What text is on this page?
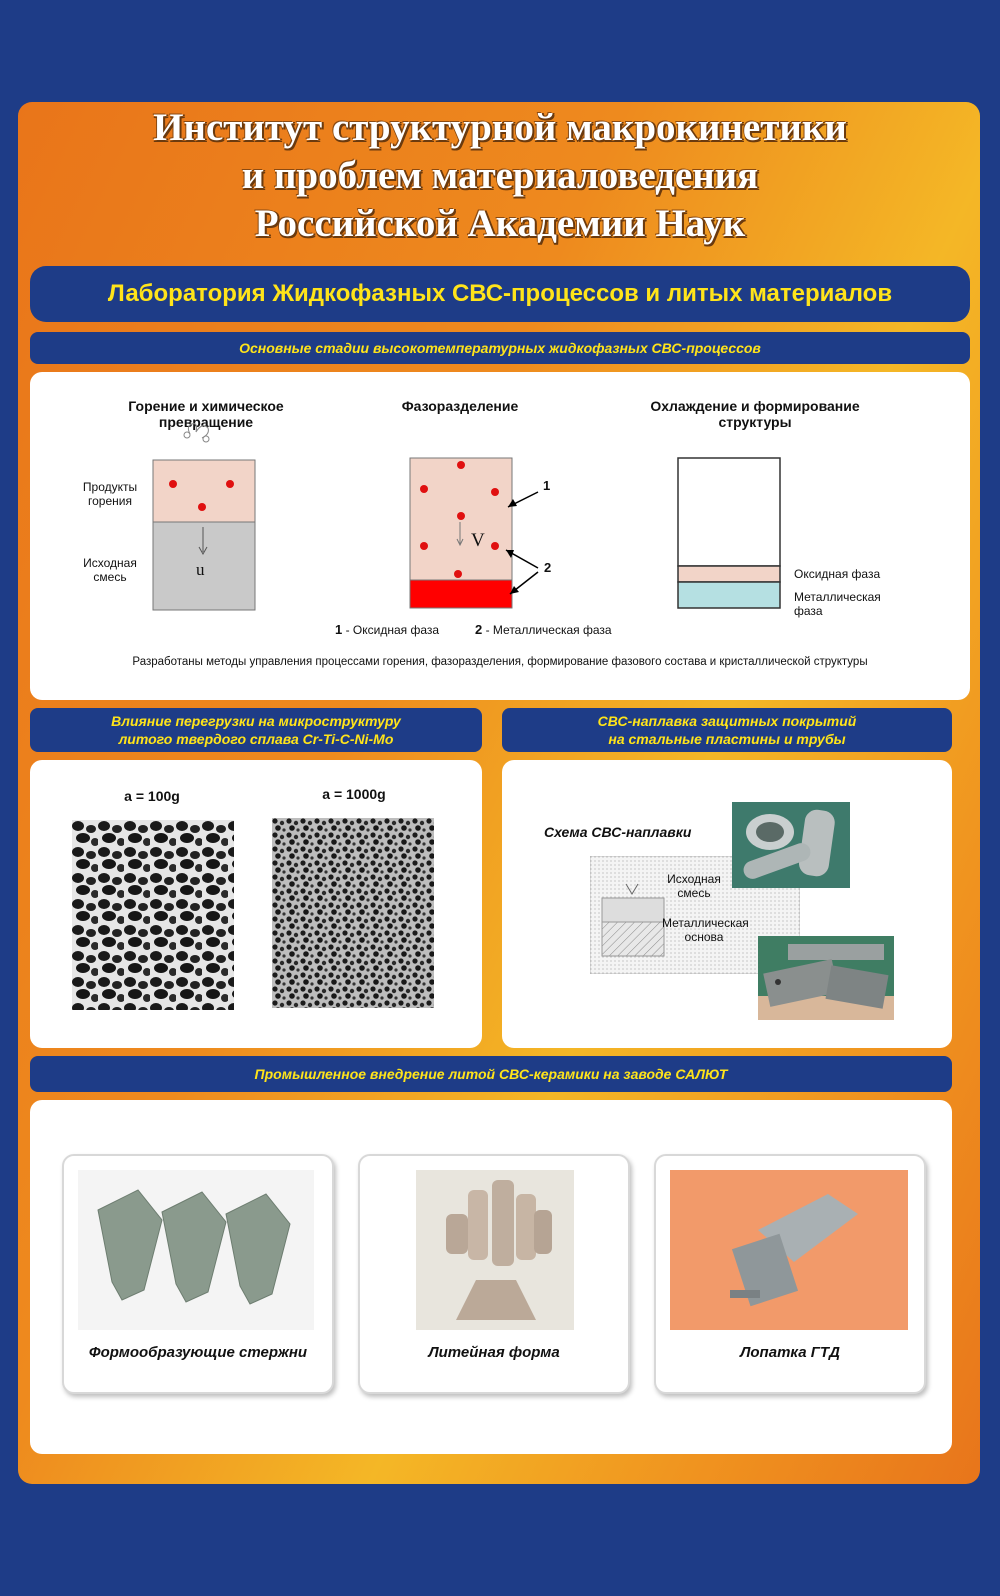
Институт структурной макрокинетики
и проблем материаловедения
Российской Академии Наук
Лаборатория Жидкофазных СВС-процессов и литых материалов
Основные стадии высокотемпературных жидкофазных СВС-процессов
Горение и химическое превращение
Фазоразделение	Охлаждение и формирование структуры
Продукты горения
Исходная смесь	u
V
1
2
1 - Оксидная фаза	2 - Металлическая фаза
Оксидная фаза
Металлическая фаза
Разработаны методы управления процессами горения, фазоразделения, формирование фазового состава и кристаллической структуры
Влияние перегрузки на микроструктуру
литого твердого сплава Cr-Ti-C-Ni-Mo
a = 100g	a = 1000g
СВС-наплавка защитных покрытий
на стальные пластины и трубы
Схема СВС-наплавки
Исходная смесь
Металлическая основа
Промышленное внедрение литой СВС-керамики на заводе САЛЮТ
Формообразующие стержни	Литейная форма	Лопатка ГТД
